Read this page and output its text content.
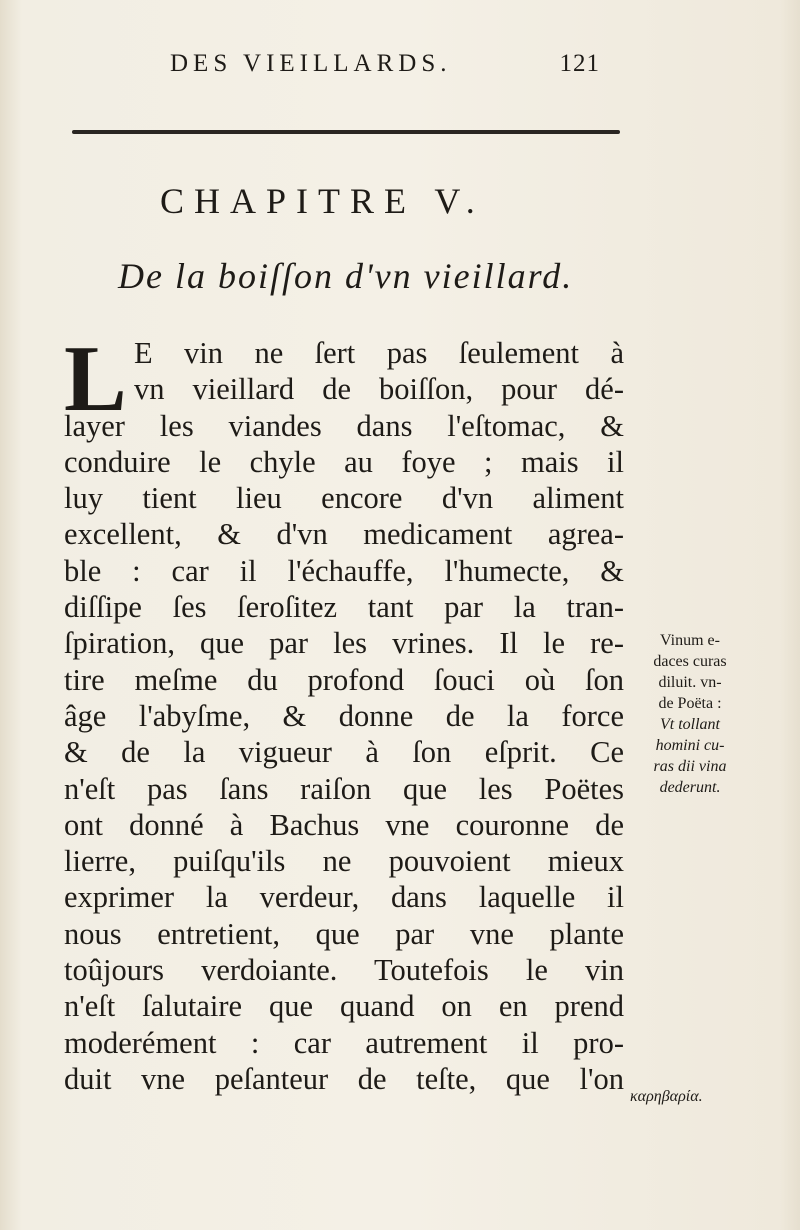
DES VIEILLARDS.	121
CHAPITRE V.
De la boiſſon d'vn vieillard.
L E vin ne ſert pas ſeulement à
vn vieillard de boiſſon, pour dé-
layer les viandes dans l'eſtomac, &
conduire le chyle au foye ; mais il
luy tient lieu encore d'vn aliment
excellent, & d'vn medicament agrea-
ble : car il l'échauffe, l'humecte, &
diſſipe ſes ſeroſitez tant par la tran-
ſpiration, que par les vrines. Il le re-
tire meſme du profond ſouci où ſon
âge l'abyſme, & donne de la force
& de la vigueur à ſon eſprit. Ce
n'eſt pas ſans raiſon que les Poëtes
ont donné à Bachus vne couronne de
lierre, puiſqu'ils ne pouvoient mieux
exprimer la verdeur, dans laquelle il
nous entretient, que par vne plante
toûjours verdoiante. Toutefois le vin
n'eſt ſalutaire que quand on en prend
moderément : car autrement il pro-
duit vne peſanteur de teſte, que l'on
Vinum e-
daces curas
diluit. vn-
de Poëta :
Vt tollant
homini cu-
ras dii vina
dederunt.
καρηβαρία.
